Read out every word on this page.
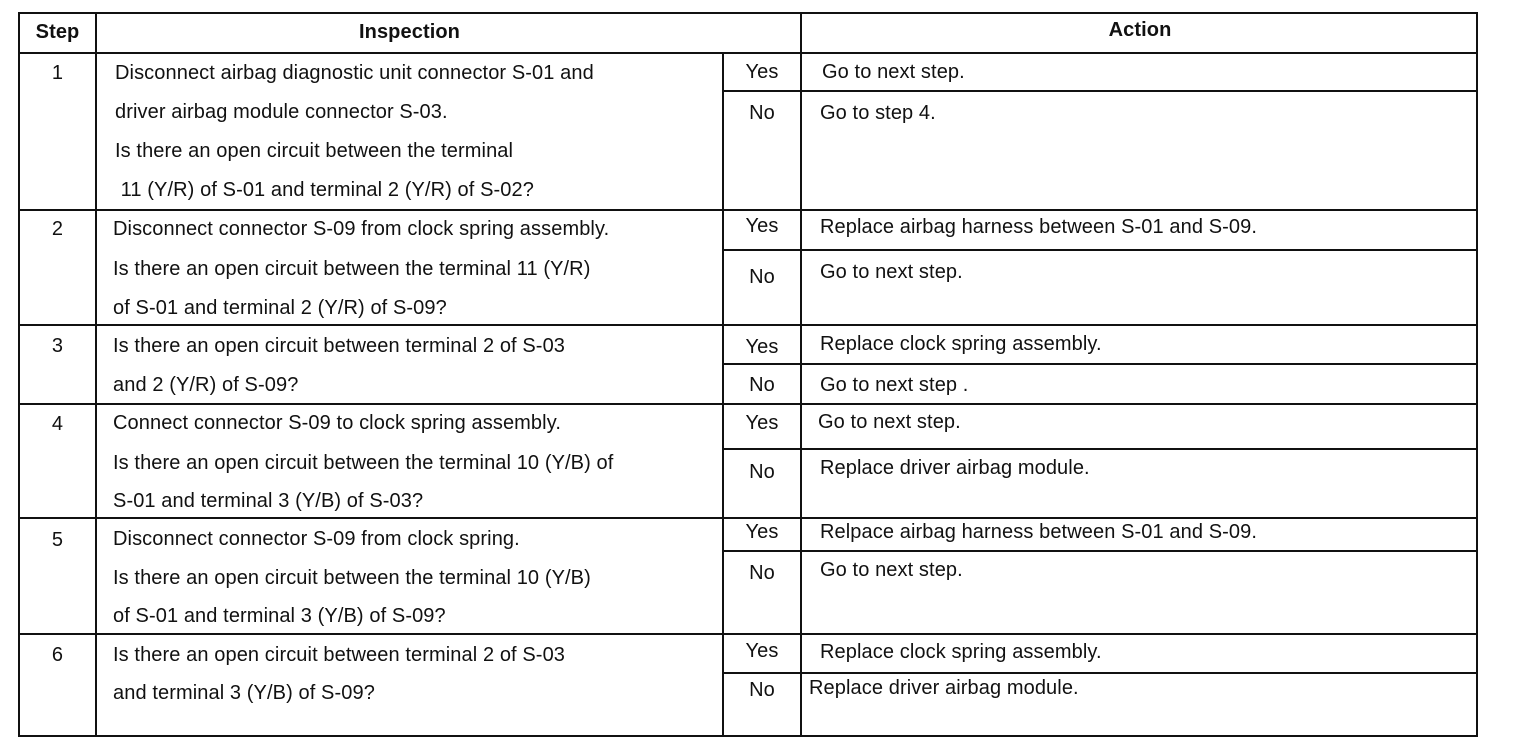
Step	Inspection	Action
1	Disconnect airbag diagnostic unit connector S-01 and
driver airbag module connector S-03.
Is there an open circuit between the terminal
11 (Y/R) of S-01 and terminal 2 (Y/R) of S-02?
Yes	Go to next step.
No	Go to step 4.
2	Disconnect connector S-09 from clock spring assembly.
Is there an open circuit between the terminal 11 (Y/R)
of S-01 and terminal 2 (Y/R) of S-09?
Yes	Replace airbag harness between S-01 and S-09.
No	Go to next step.
3	Is there an open circuit between terminal 2 of S-03
and 2 (Y/R) of S-09?
Yes	Replace clock spring assembly.
No	Go to next step .
4	Connect connector S-09 to clock spring assembly.
Is there an open circuit between the terminal 10 (Y/B) of
S-01 and terminal 3 (Y/B) of S-03?
Yes	Go to next step.
No	Replace driver airbag module.
5	Disconnect connector S-09 from clock spring.
Is there an open circuit between the terminal 10 (Y/B)
of S-01 and terminal 3 (Y/B) of S-09?
Yes	Relpace airbag harness between S-01 and S-09.
No	Go to next step.
6	Is there an open circuit between terminal 2 of S-03
and terminal 3 (Y/B) of S-09?
Yes	Replace clock spring assembly.
No	Replace driver airbag module.
